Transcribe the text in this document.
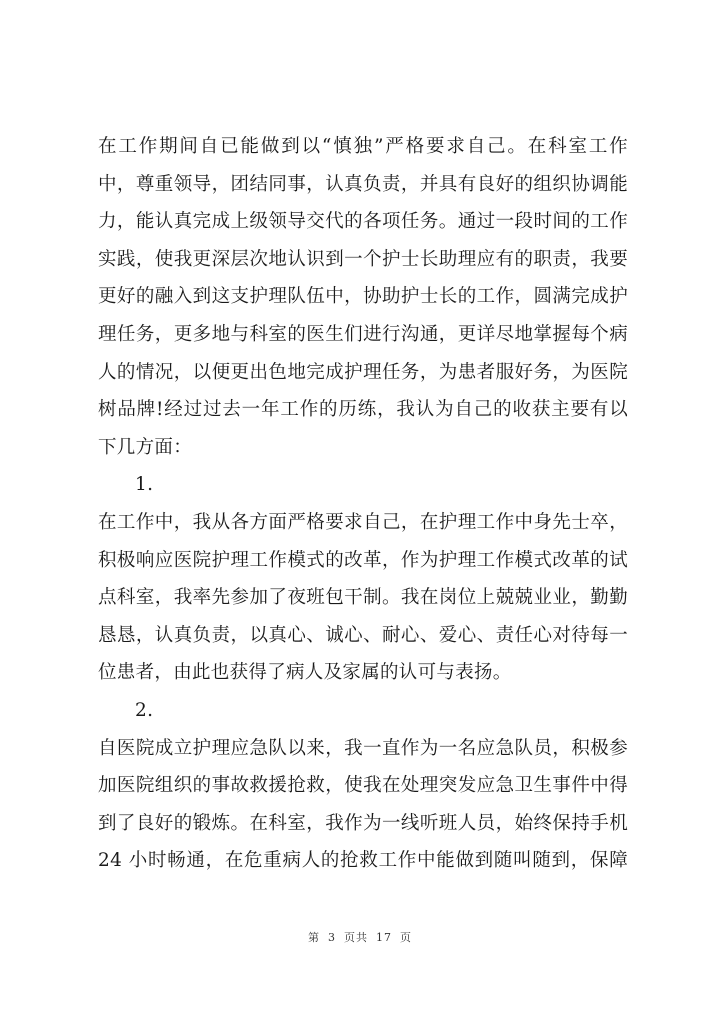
在工作期间自已能做到以“慎独”严格要求自己。在科室工作
中，尊重领导，团结同事，认真负责，并具有良好的组织协调能
力，能认真完成上级领导交代的各项任务。通过一段时间的工作
实践，使我更深层次地认识到一个护士长助理应有的职责，我要
更好的融入到这支护理队伍中，协助护士长的工作，圆满完成护
理任务，更多地与科室的医生们进行沟通，更详尽地掌握每个病
人的情况，以便更出色地完成护理任务，为患者服好务，为医院
树品牌!经过过去一年工作的历练，我认为自己的收获主要有以
下几方面：
1.
在工作中，我从各方面严格要求自己，在护理工作中身先士卒，
积极响应医院护理工作模式的改革，作为护理工作模式改革的试
点科室，我率先参加了夜班包干制。我在岗位上兢兢业业，勤勤
恳恳，认真负责，以真心、诚心、耐心、爱心、责任心对待每一
位患者，由此也获得了病人及家属的认可与表扬。
2.
自医院成立护理应急队以来，我一直作为一名应急队员，积极参
加医院组织的事故救援抢救，使我在处理突发应急卫生事件中得
到了良好的锻炼。在科室，我作为一线听班人员，始终保持手机
24 小时畅通，在危重病人的抢救工作中能做到随叫随到，保障
第 3 页共 17 页
